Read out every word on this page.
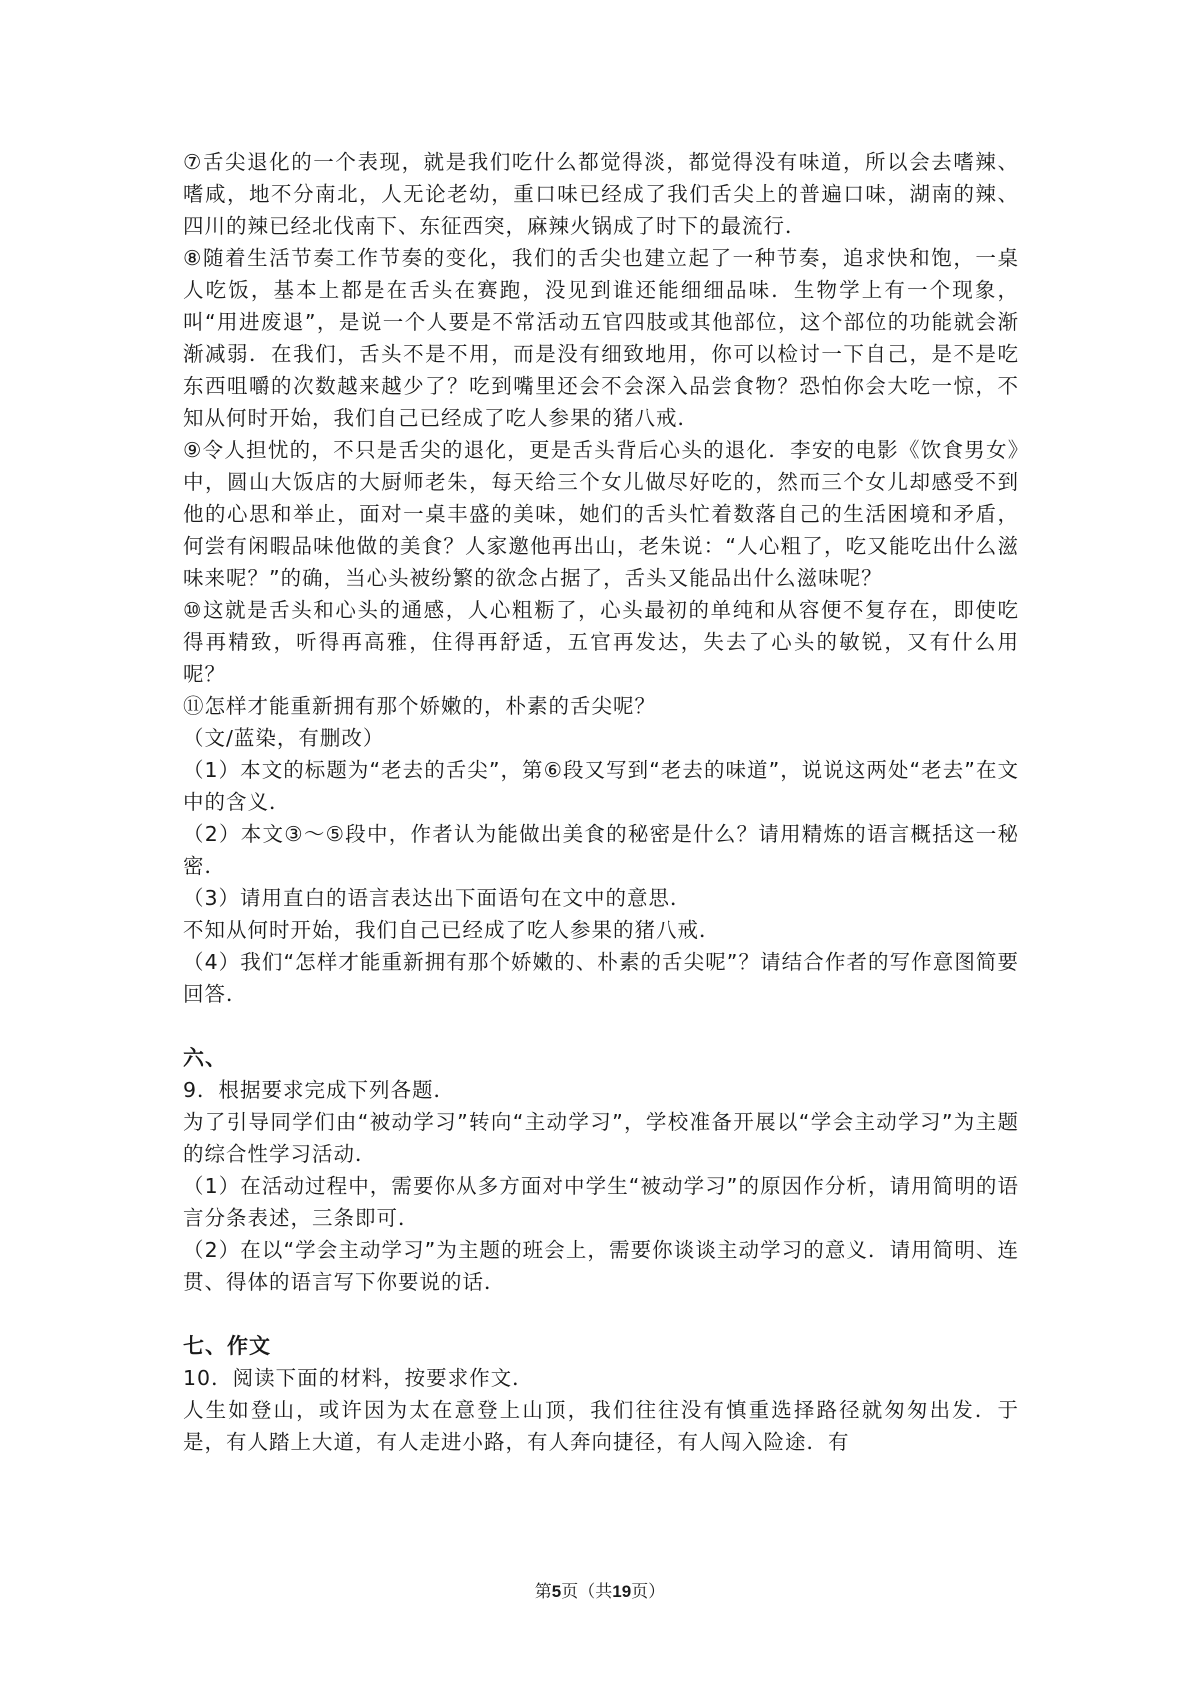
⑦舌尖退化的一个表现，就是我们吃什么都觉得淡，都觉得没有味道，所以会去嗜辣、嗜咸，地不分南北，人无论老幼，重口味已经成了我们舌尖上的普遍口味，湖南的辣、四川的辣已经北伐南下、东征西突，麻辣火锅成了时下的最流行．

⑧随着生活节奏工作节奏的变化，我们的舌尖也建立起了一种节奏，追求快和饱，一桌人吃饭，基本上都是在舌头在赛跑，没见到谁还能细细品味．生物学上有一个现象，叫“用进废退”，是说一个人要是不常活动五官四肢或其他部位，这个部位的功能就会渐渐减弱．在我们，舌头不是不用，而是没有细致地用，你可以检讨一下自己，是不是吃东西咀嚼的次数越来越少了？吃到嘴里还会不会深入品尝食物？恐怕你会大吃一惊，不知从何时开始，我们自己已经成了吃人参果的猪八戒．

⑨令人担忧的，不只是舌尖的退化，更是舌头背后心头的退化．李安的电影《饮食男女》中，圆山大饭店的大厨师老朱，每天给三个女儿做尽好吃的，然而三个女儿却感受不到他的心思和举止，面对一桌丰盛的美味，她们的舌头忙着数落自己的生活困境和矛盾，何尝有闲暇品味他做的美食？人家邀他再出山，老朱说：“人心粗了，吃又能吃出什么滋味来呢？”的确，当心头被纷繁的欲念占据了，舌头又能品出什么滋味呢？

⑩这就是舌头和心头的通感，人心粗粝了，心头最初的单纯和从容便不复存在，即使吃得再精致，听得再高雅，住得再舒适，五官再发达，失去了心头的敏锐，又有什么用呢？

⑪怎样才能重新拥有那个娇嫩的，朴素的舌尖呢？

（文/蓝染，有删改）

（1）本文的标题为“老去的舌尖”，第⑥段又写到“老去的味道”，说说这两处“老去”在文中的含义．

（2）本文③～⑤段中，作者认为能做出美食的秘密是什么？请用精炼的语言概括这一秘密．

（3）请用直白的语言表达出下面语句在文中的意思．

不知从何时开始，我们自己已经成了吃人参果的猪八戒．

（4）我们“怎样才能重新拥有那个娇嫩的、朴素的舌尖呢”？请结合作者的写作意图简要回答．

六、

9．根据要求完成下列各题．

为了引导同学们由“被动学习”转向“主动学习”，学校准备开展以“学会主动学习”为主题的综合性学习活动．

（1）在活动过程中，需要你从多方面对中学生“被动学习”的原因作分析，请用简明的语言分条表述，三条即可．

（2）在以“学会主动学习”为主题的班会上，需要你谈谈主动学习的意义．请用简明、连贯、得体的语言写下你要说的话．

七、作文

10．阅读下面的材料，按要求作文．

人生如登山，或许因为太在意登上山顶，我们往往没有慎重选择路径就匆匆出发．于是，有人踏上大道，有人走进小路，有人奔向捷径，有人闯入险途．有

第5页（共19页）
